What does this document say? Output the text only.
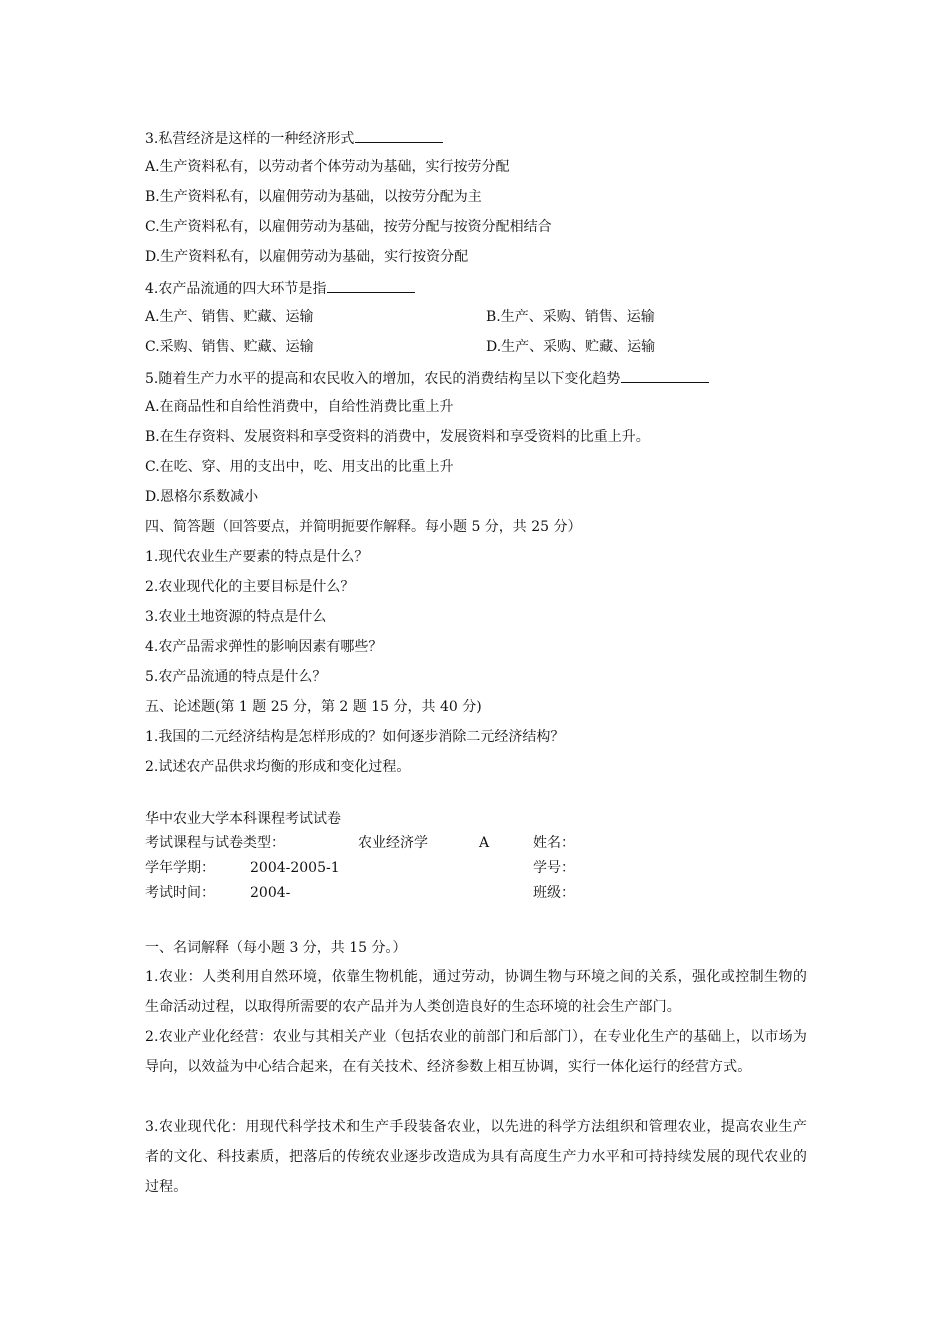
3.私营经济是这样的一种经济形式
A.生产资料私有，以劳动者个体劳动为基础，实行按劳分配
B.生产资料私有，以雇佣劳动为基础，以按劳分配为主
C.生产资料私有，以雇佣劳动为基础，按劳分配与按资分配相结合
D.生产资料私有，以雇佣劳动为基础，实行按资分配
4.农产品流通的四大环节是指
A.生产、销售、贮藏、运输	B.生产、采购、销售、运输
C.采购、销售、贮藏、运输	D.生产、采购、贮藏、运输
5.随着生产力水平的提高和农民收入的增加，农民的消费结构呈以下变化趋势
A.在商品性和自给性消费中，自给性消费比重上升
B.在生存资料、发展资料和享受资料的消费中，发展资料和享受资料的比重上升。
C.在吃、穿、用的支出中，吃、用支出的比重上升
D.恩格尔系数减小
四、简答题（回答要点，并简明扼要作解释。每小题 5 分，共 25 分）
1.现代农业生产要素的特点是什么？
2.农业现代化的主要目标是什么？
3.农业土地资源的特点是什么
4.农产品需求弹性的影响因素有哪些？
5.农产品流通的特点是什么？
五、论述题(第 1 题 25 分，第 2 题 15 分，共 40 分)
1.我国的二元经济结构是怎样形成的？如何逐步消除二元经济结构？
2.试述农产品供求均衡的形成和变化过程。
华中农业大学本科课程考试试卷
考试课程与试卷类型：	农业经济学	A	姓名：
学年学期：	2004-2005-1	学号：
考试时间：	2004-	班级：
一、名词解释（每小题 3 分，共 15 分。）
1.农业：人类利用自然环境，依靠生物机能，通过劳动，协调生物与环境之间的关系，强化或控制生物的生命活动过程，以取得所需要的农产品并为人类创造良好的生态环境的社会生产部门。
2.农业产业化经营：农业与其相关产业（包括农业的前部门和后部门），在专业化生产的基础上，以市场为导向，以效益为中心结合起来，在有关技术、经济参数上相互协调，实行一体化运行的经营方式。
3.农业现代化：用现代科学技术和生产手段装备农业，以先进的科学方法组织和管理农业，提高农业生产者的文化、科技素质，把落后的传统农业逐步改造成为具有高度生产力水平和可持持续发展的现代农业的过程。
